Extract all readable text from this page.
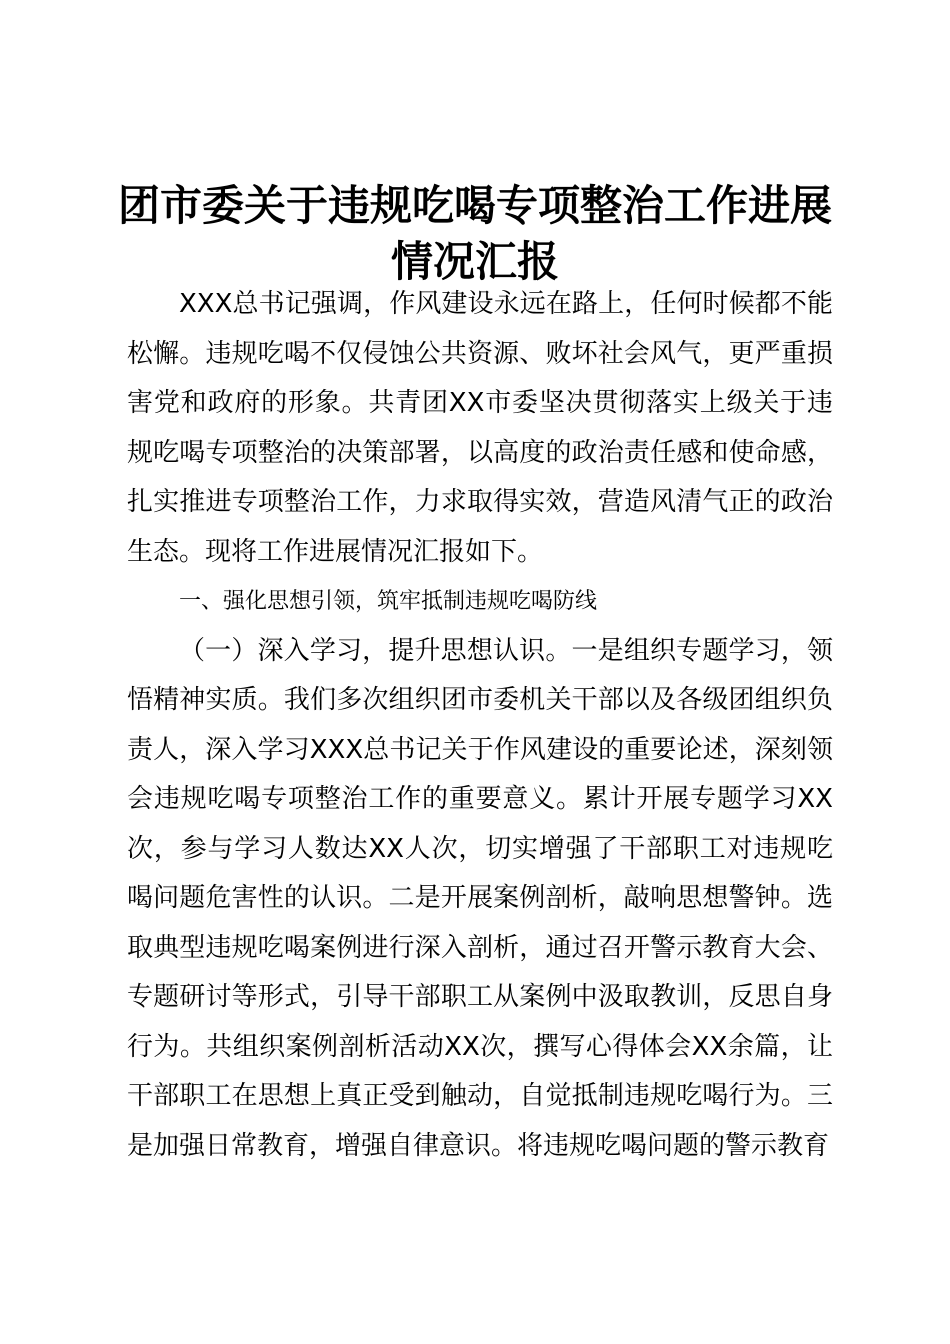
团市委关于违规吃喝专项整治工作进展情况汇报

XXX总书记强调，作风建设永远在路上，任何时候都不能松懈。违规吃喝不仅侵蚀公共资源、败坏社会风气，更严重损害党和政府的形象。共青团XX市委坚决贯彻落实上级关于违规吃喝专项整治的决策部署，以高度的政治责任感和使命感，扎实推进专项整治工作，力求取得实效，营造风清气正的政治生态。现将工作进展情况汇报如下。

一、强化思想引领，筑牢抵制违规吃喝防线

（一）深入学习，提升思想认识。一是组织专题学习，领悟精神实质。我们多次组织团市委机关干部以及各级团组织负责人，深入学习XXX总书记关于作风建设的重要论述，深刻领会违规吃喝专项整治工作的重要意义。累计开展专题学习XX次，参与学习人数达XX人次，切实增强了干部职工对违规吃喝问题危害性的认识。二是开展案例剖析，敲响思想警钟。选取典型违规吃喝案例进行深入剖析，通过召开警示教育大会、专题研讨等形式，引导干部职工从案例中汲取教训，反思自身行为。共组织案例剖析活动XX次，撰写心得体会XX余篇，让干部职工在思想上真正受到触动，自觉抵制违规吃喝行为。三是加强日常教育，增强自律意识。将违规吃喝问题的警示教育
